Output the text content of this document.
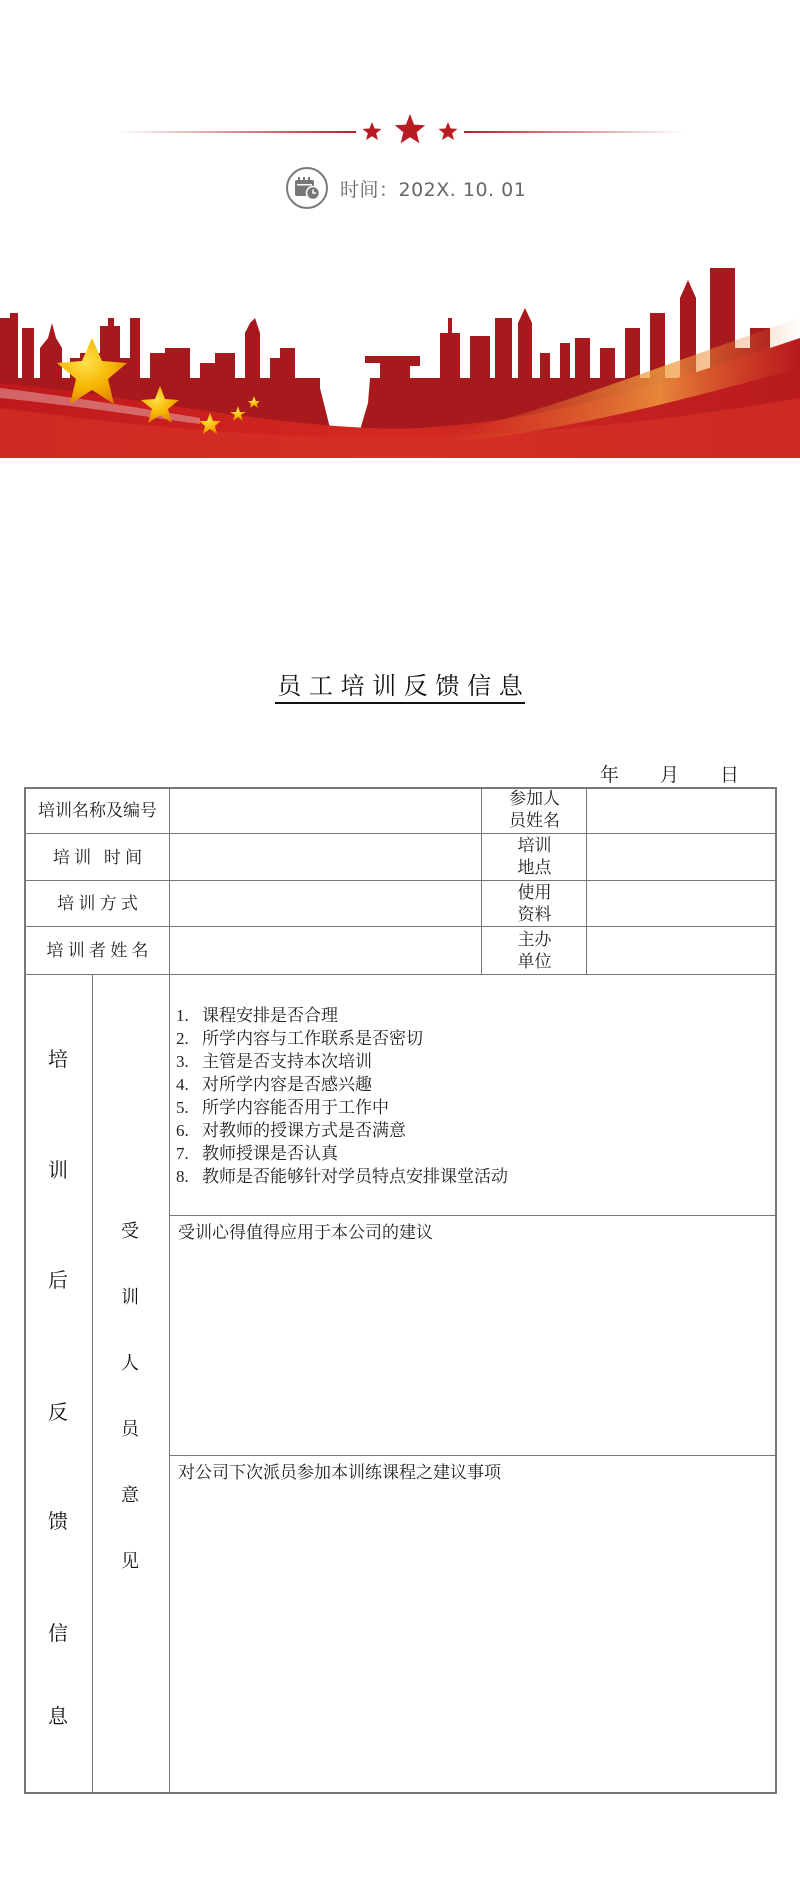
时间：202X. 10. 01
员 工 培 训 反 馈 信 息
年 月 日
培训名称及编号
参加人
员姓名
培 训   时 间
培训
地点
培 训 方 式
使用
资料
培 训 者 姓 名
主办
单位
培
训
后
反
馈
信
息
受
训
人
员
意
见
1. 课程安排是否合理
2. 所学内容与工作联系是否密切
3. 主管是否支持本次培训
4. 对所学内容是否感兴趣
5. 所学内容能否用于工作中
6. 对教师的授课方式是否满意
7. 教师授课是否认真
8. 教师是否能够针对学员特点安排课堂活动
受训心得值得应用于本公司的建议
对公司下次派员参加本训练课程之建议事项
